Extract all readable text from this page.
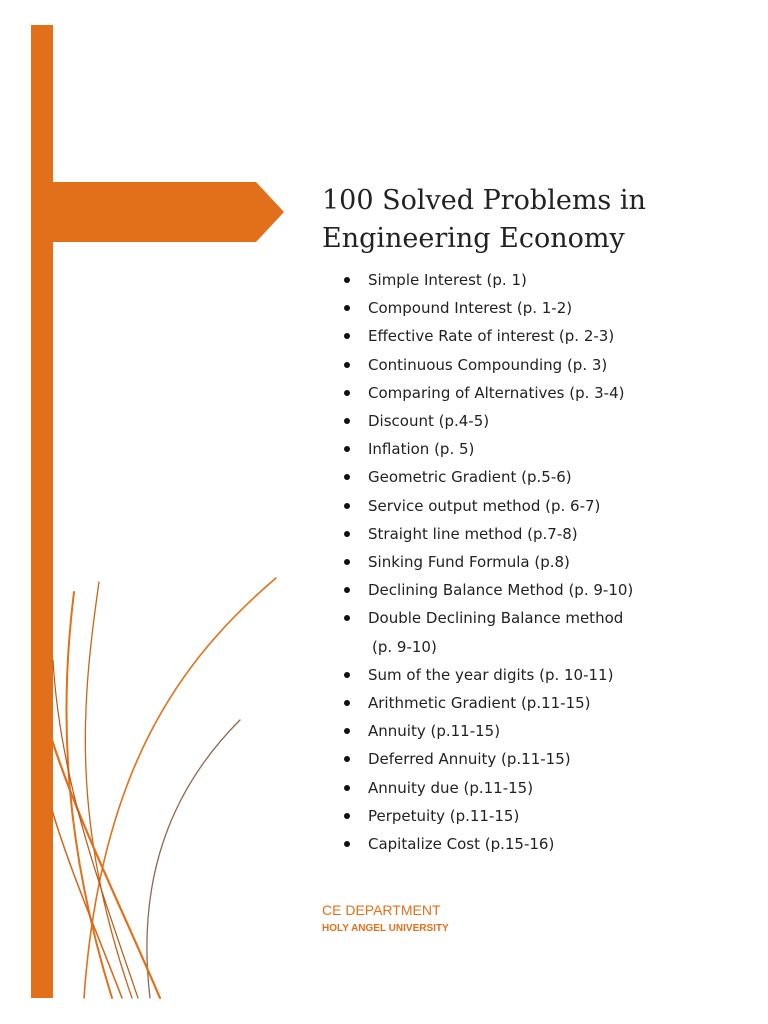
100 Solved Problems in
Engineering Economy
Simple Interest (p. 1)
Compound Interest (p. 1-2)
Effective Rate of interest (p. 2-3)
Continuous Compounding (p. 3)
Comparing of Alternatives (p. 3-4)
Discount (p.4-5)
Inflation (p. 5)
Geometric Gradient (p.5-6)
Service output method (p. 6-7)
Straight line method (p.7-8)
Sinking Fund Formula (p.8)
Declining Balance Method (p. 9-10)
Double Declining Balance method
(p. 9-10)
Sum of the year digits (p. 10-11)
Arithmetic Gradient (p.11-15)
Annuity (p.11-15)
Deferred Annuity (p.11-15)
Annuity due (p.11-15)
Perpetuity (p.11-15)
Capitalize Cost (p.15-16)
CE DEPARTMENT
HOLY ANGEL UNIVERSITY
